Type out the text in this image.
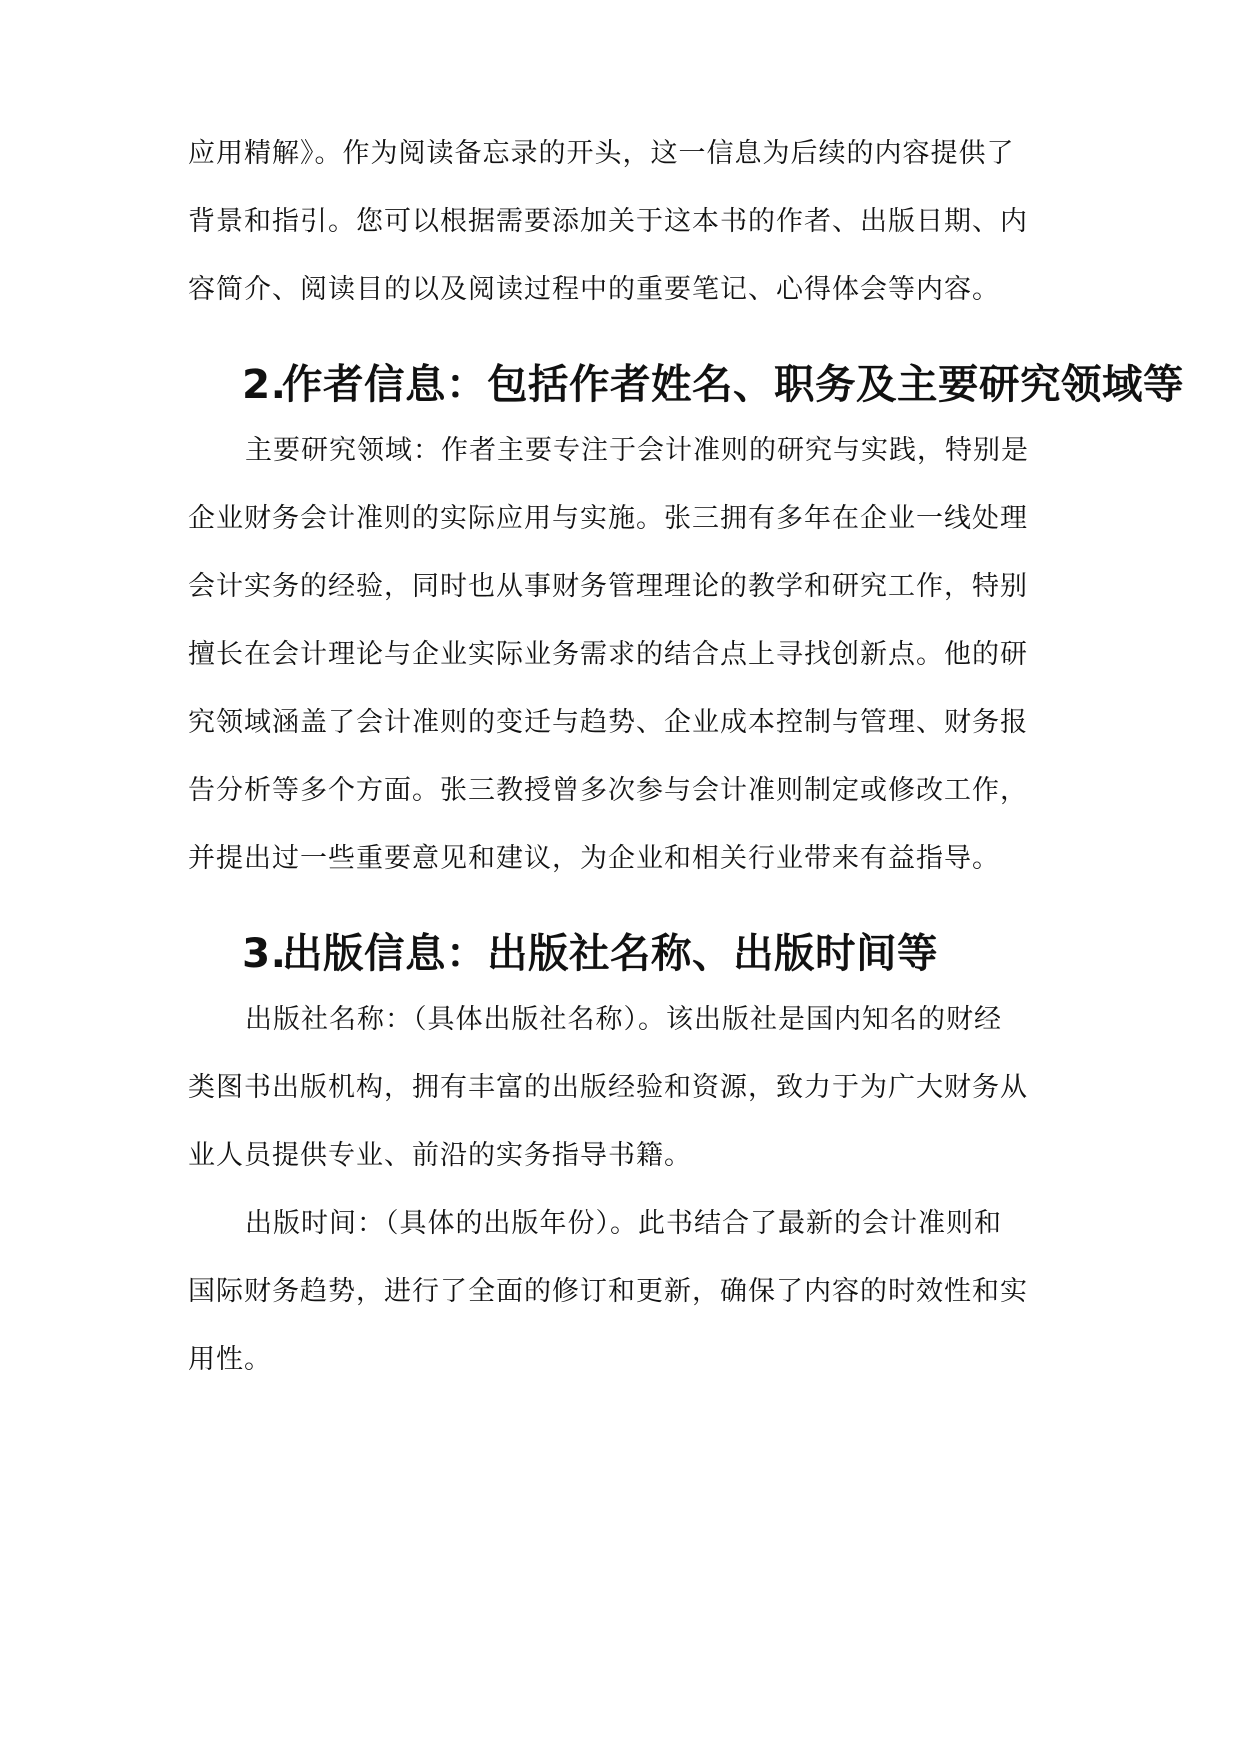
应用精解》。作为阅读备忘录的开头，这一信息为后续的内容提供了

背景和指引。您可以根据需要添加关于这本书的作者、出版日期、内

容简介、阅读目的以及阅读过程中的重要笔记、心得体会等内容。

2.作者信息：包括作者姓名、职务及主要研究领域等

主要研究领域：作者主要专注于会计准则的研究与实践，特别是

企业财务会计准则的实际应用与实施。张三拥有多年在企业一线处理

会计实务的经验，同时也从事财务管理理论的教学和研究工作，特别

擅长在会计理论与企业实际业务需求的结合点上寻找创新点。他的研

究领域涵盖了会计准则的变迁与趋势、企业成本控制与管理、财务报

告分析等多个方面。张三教授曾多次参与会计准则制定或修改工作，

并提出过一些重要意见和建议，为企业和相关行业带来有益指导。

3.出版信息：出版社名称、出版时间等

出版社名称：（具体出版社名称）。该出版社是国内知名的财经

类图书出版机构，拥有丰富的出版经验和资源，致力于为广大财务从

业人员提供专业、前沿的实务指导书籍。

出版时间：（具体的出版年份）。此书结合了最新的会计准则和

国际财务趋势，进行了全面的修订和更新，确保了内容的时效性和实

用性。
